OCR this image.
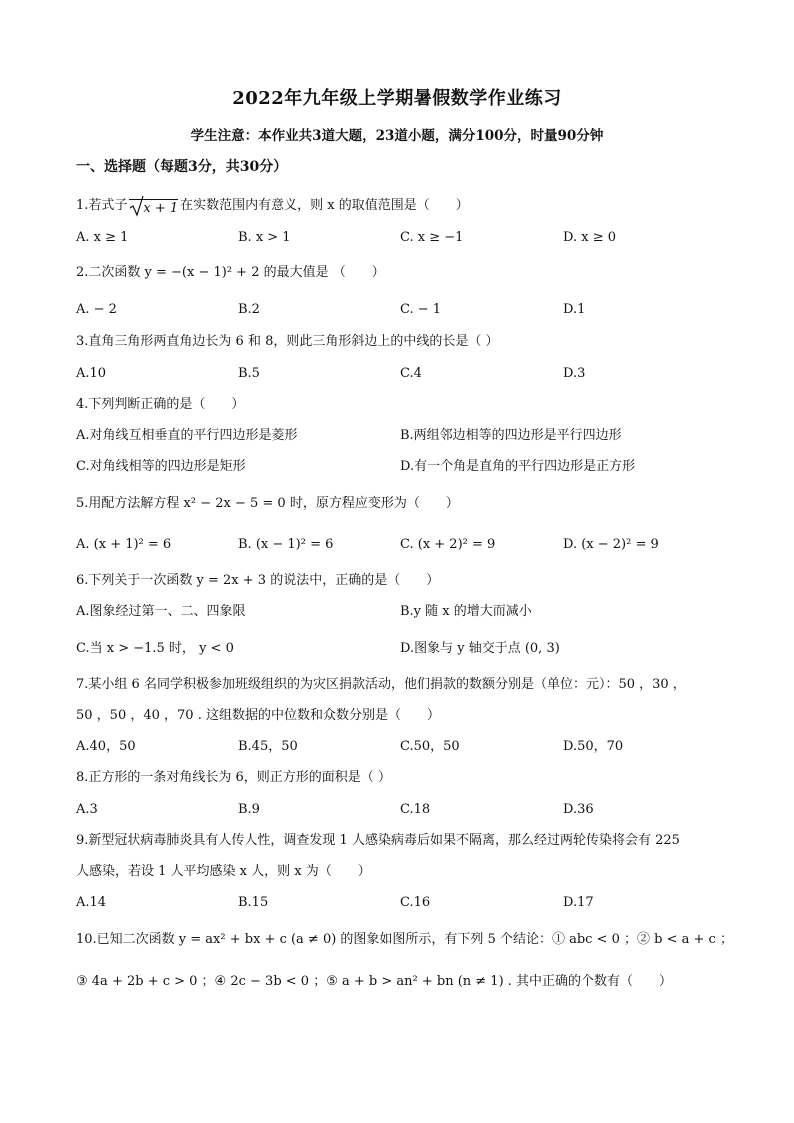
2022年九年级上学期暑假数学作业练习
学生注意：本作业共3道大题，23道小题，满分100分，时量90分钟
一、选择题（每题3分，共30分）
1.若式子 x + 1 在实数范围内有意义，则 x 的取值范围是（　　）
A. x ≥ 1	B. x > 1	C. x ≥ −1	D. x ≥ 0
2.二次函数 y = −(x − 1)² + 2 的最大值是 （　　）
A. − 2	B.2	C. − 1	D.1
3.直角三角形两直角边长为 6 和 8，则此三角形斜边上的中线的长是（ ）
A.10	B.5	C.4	D.3
4.下列判断正确的是（　　）
A.对角线互相垂直的平行四边形是菱形	B.两组邻边相等的四边形是平行四边形
C.对角线相等的四边形是矩形	D.有一个角是直角的平行四边形是正方形
5.用配方法解方程 x² − 2x − 5 = 0 时，原方程应变形为（　　）
A. (x + 1)² = 6	B. (x − 1)² = 6	C. (x + 2)² = 9	D. (x − 2)² = 9
6.下列关于一次函数 y = 2x + 3 的说法中，正确的是（　　）
A.图象经过第一、二、四象限	B.y 随 x 的增大而减小
C.当 x > −1.5 时， y < 0	D.图象与 y 轴交于点 (0, 3)
7.某小组 6 名同学积极参加班级组织的为灾区捐款活动，他们捐款的数额分别是（单位：元）：50 ，30 ，
50 ，50 ，40 ，70 . 这组数据的中位数和众数分别是（　　）
A.40，50	B.45，50	C.50，50	D.50，70
8.正方形的一条对角线长为 6，则正方形的面积是（ ）
A.3	B.9	C.18	D.36
9.新型冠状病毒肺炎具有人传人性，调查发现 1 人感染病毒后如果不隔离，那么经过两轮传染将会有 225
人感染，若设 1 人平均感染 x 人，则 x 为（　　）
A.14	B.15	C.16	D.17
10.已知二次函数 y = ax² + bx + c (a ≠ 0) 的图象如图所示，有下列 5 个结论：① abc < 0 ；② b < a + c ；
③ 4a + 2b + c > 0 ；④ 2c − 3b < 0 ；⑤ a + b > an² + bn (n ≠ 1) . 其中正确的个数有（　　）
